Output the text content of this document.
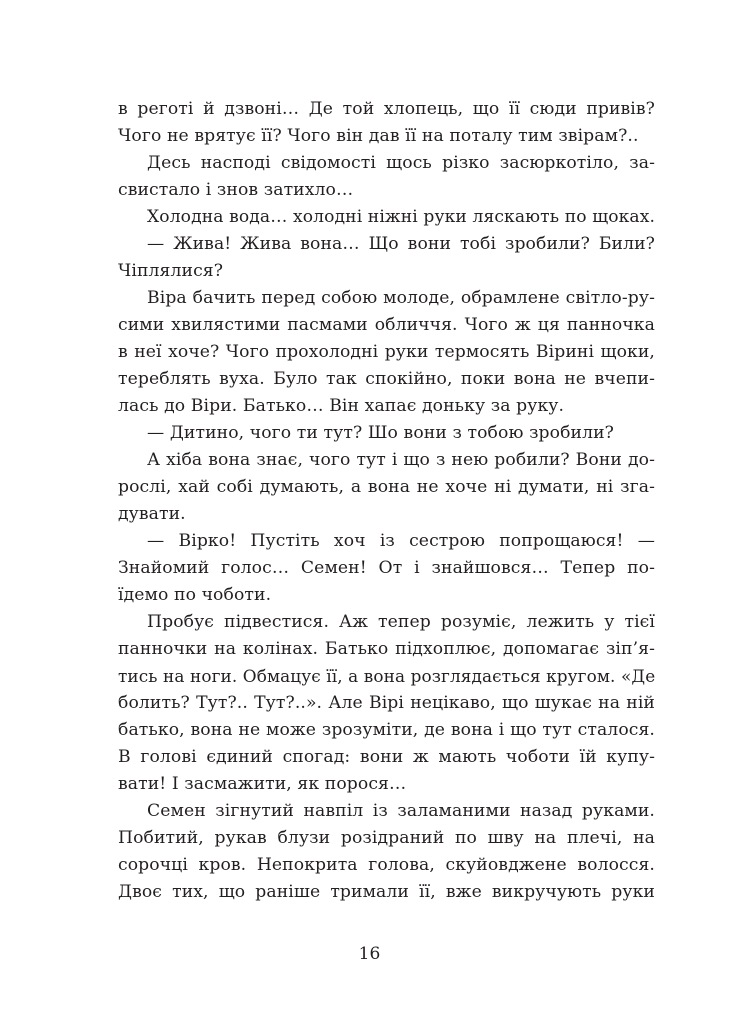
в реготі й дзвоні… Де той хлопець, що її сюди привів?
Чого не врятує її? Чого він дав її на поталу тим звірам?..
Десь насподі свідомості щось різко засюркотіло, за-
свистало і знов затихло…
Холодна вода… холодні ніжні руки ляскають по щоках.
— Жива! Жива вона… Що вони тобі зробили? Били?
Чіплялися?
Віра бачить перед собою молоде, обрамлене світло-ру-
сими хвилястими пасмами обличчя. Чого ж ця панночка
в неї хоче? Чого прохолодні руки термосять Вірині щоки,
тереблять вуха. Було так спокійно, поки вона не вчепи-
лась до Віри. Батько… Він хапає доньку за руку.
— Дитино, чого ти тут? Шо вони з тобою зробили?
А хіба вона знає, чого тут і що з нею робили? Вони до-
рослі, хай собі думають, а вона не хоче ні думати, ні зга-
дувати.
— Вірко! Пустіть хоч із сестрою попрощаюся! —
Знайомий голос… Семен! От і знайшовся… Тепер по-
їдемо по чоботи.
Пробує підвестися. Аж тепер розуміє, лежить у тієї
панночки на колінах. Батько підхоплює, допомагає зіп’я-
тись на ноги. Обмацує її, а вона розглядається кругом. «Де
болить? Тут?.. Тут?..». Але Вірі нецікаво, що шукає на ній
батько, вона не може зрозуміти, де вона і що тут сталося.
В голові єдиний спогад: вони ж мають чоботи їй купу-
вати! І засмажити, як порося…
Семен зігнутий навпіл із заламаними назад руками.
Побитий, рукав блузи розідраний по шву на плечі, на
сорочці кров. Непокрита голова, скуйовджене волосся.
Двоє тих, що раніше тримали її, вже викручують руки
16
